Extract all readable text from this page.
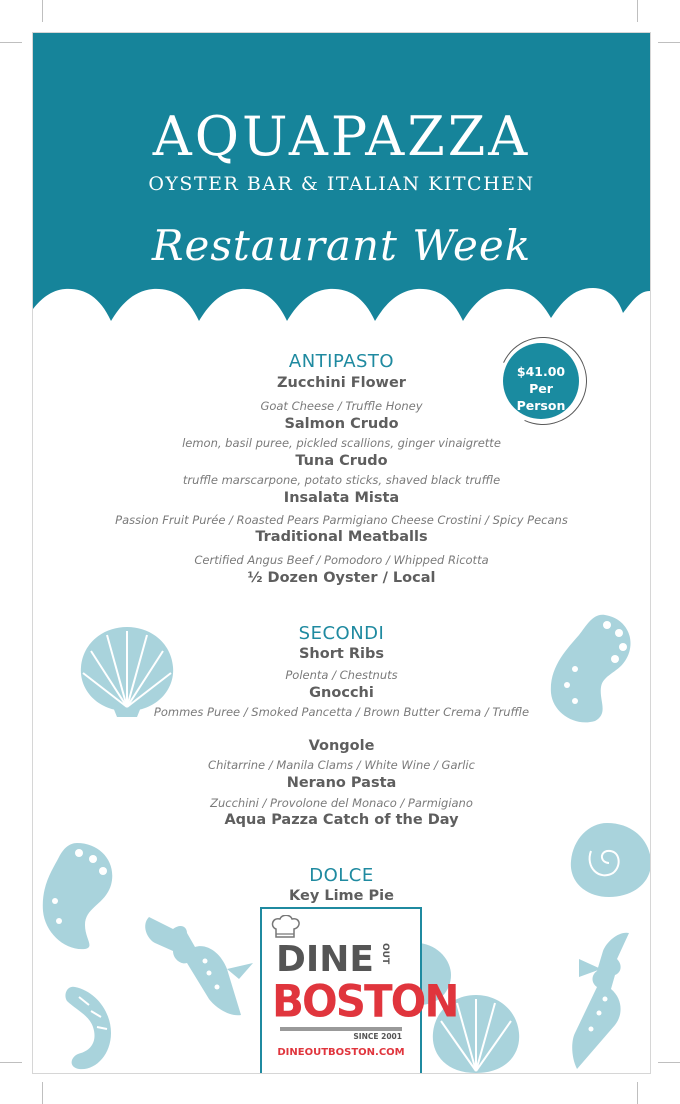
AQUAPAZZA
OYSTER BAR & ITALIAN KITCHEN
Restaurant Week
$41.00
Per Person
ANTIPASTO
Zucchini Flower
Goat Cheese / Truffle Honey
Salmon Crudo
lemon, basil puree, pickled scallions, ginger vinaigrette
Tuna Crudo
truffle marscarpone, potato sticks, shaved black truffle
Insalata Mista
Passion Fruit Purée / Roasted Pears Parmigiano Cheese Crostini / Spicy Pecans
Traditional Meatballs
Certified Angus Beef / Pomodoro / Whipped Ricotta
½ Dozen Oyster / Local
SECONDI
Short Ribs
Polenta / Chestnuts
Gnocchi
Pommes Puree / Smoked Pancetta / Brown Butter Crema / Truffle
Vongole
Chitarrine / Manila Clams / White Wine / Garlic
Nerano Pasta
Zucchini / Provolone del Monaco / Parmigiano
Aqua Pazza Catch of the Day
DOLCE
Key Lime Pie
DINE OUT
BOSTON
SINCE 2001
DINEOUTBOSTON.COM
